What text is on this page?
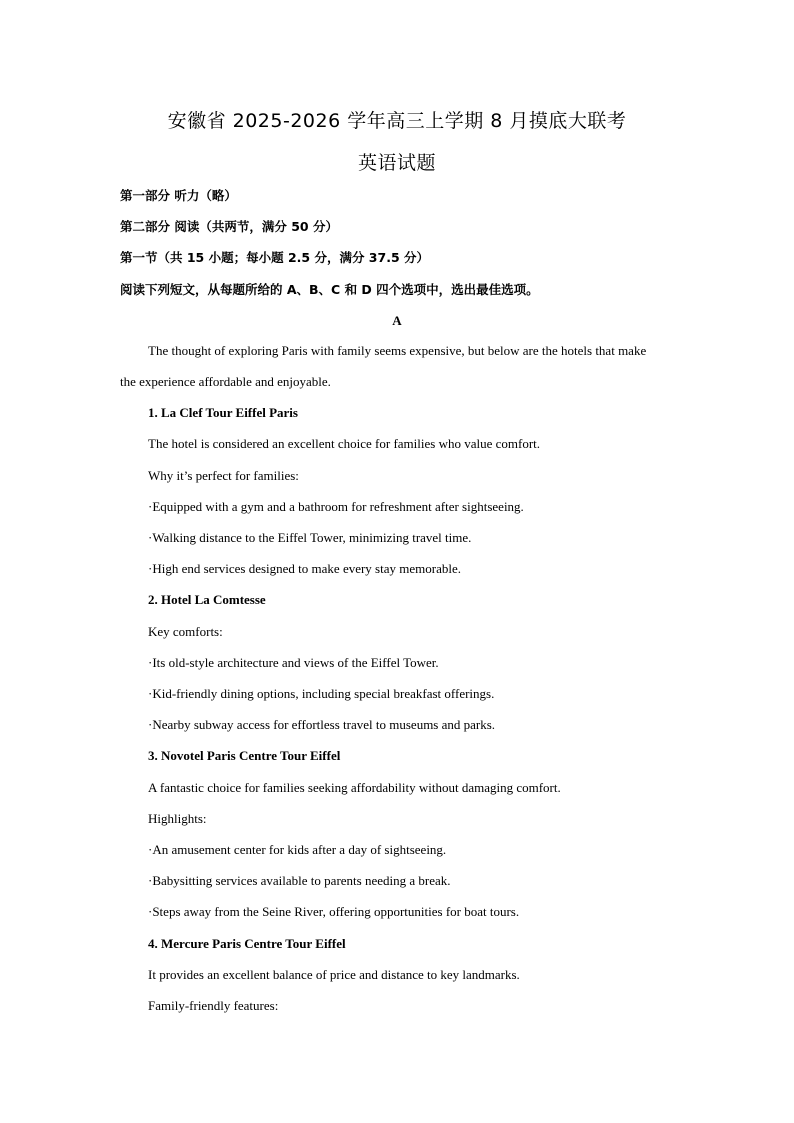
安徽省 2025-2026 学年高三上学期 8 月摸底大联考
英语试题
第一部分 听力（略）
第二部分 阅读（共两节，满分 50 分）
第一节（共 15 小题；每小题 2.5 分，满分 37.5 分）
阅读下列短文，从每题所给的 A、B、C 和 D 四个选项中，选出最佳选项。
A
The thought of exploring Paris with family seems expensive, but below are the hotels that make
the experience affordable and enjoyable.
1. La Clef Tour Eiffel Paris
The hotel is considered an excellent choice for families who value comfort.
Why it’s perfect for families:
·Equipped with a gym and a bathroom for refreshment after sightseeing.
·Walking distance to the Eiffel Tower, minimizing travel time.
·High end services designed to make every stay memorable.
2. Hotel La Comtesse
Key comforts:
·Its old-style architecture and views of the Eiffel Tower.
·Kid-friendly dining options, including special breakfast offerings.
·Nearby subway access for effortless travel to museums and parks.
3. Novotel Paris Centre Tour Eiffel
A fantastic choice for families seeking affordability without damaging comfort.
Highlights:
·An amusement center for kids after a day of sightseeing.
·Babysitting services available to parents needing a break.
·Steps away from the Seine River, offering opportunities for boat tours.
4. Mercure Paris Centre Tour Eiffel
It provides an excellent balance of price and distance to key landmarks.
Family-friendly features:
